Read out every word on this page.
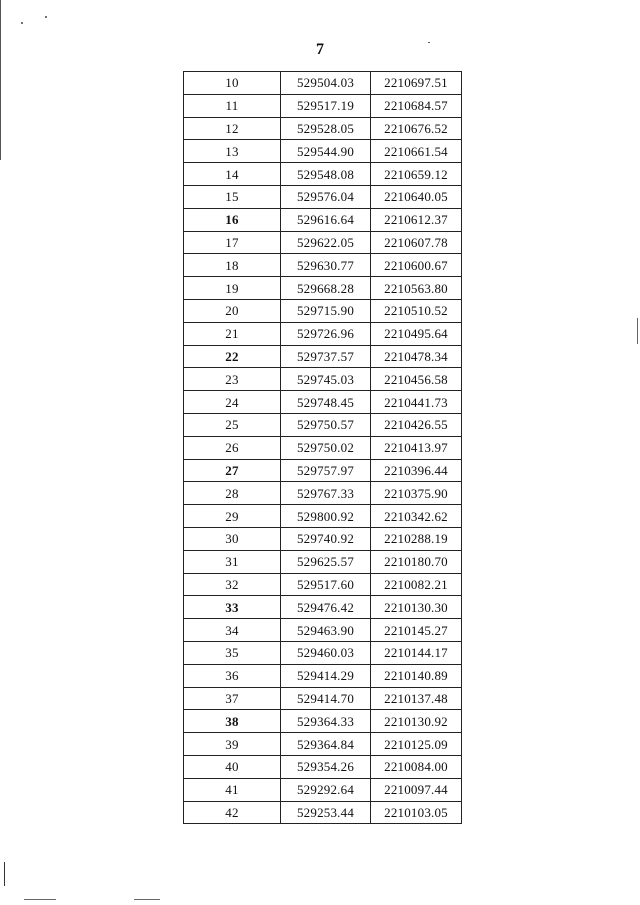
7
10	529504.03	2210697.51
11	529517.19	2210684.57
12	529528.05	2210676.52
13	529544.90	2210661.54
14	529548.08	2210659.12
15	529576.04	2210640.05
16	529616.64	2210612.37
17	529622.05	2210607.78
18	529630.77	2210600.67
19	529668.28	2210563.80
20	529715.90	2210510.52
21	529726.96	2210495.64
22	529737.57	2210478.34
23	529745.03	2210456.58
24	529748.45	2210441.73
25	529750.57	2210426.55
26	529750.02	2210413.97
27	529757.97	2210396.44
28	529767.33	2210375.90
29	529800.92	2210342.62
30	529740.92	2210288.19
31	529625.57	2210180.70
32	529517.60	2210082.21
33	529476.42	2210130.30
34	529463.90	2210145.27
35	529460.03	2210144.17
36	529414.29	2210140.89
37	529414.70	2210137.48
38	529364.33	2210130.92
39	529364.84	2210125.09
40	529354.26	2210084.00
41	529292.64	2210097.44
42	529253.44	2210103.05
